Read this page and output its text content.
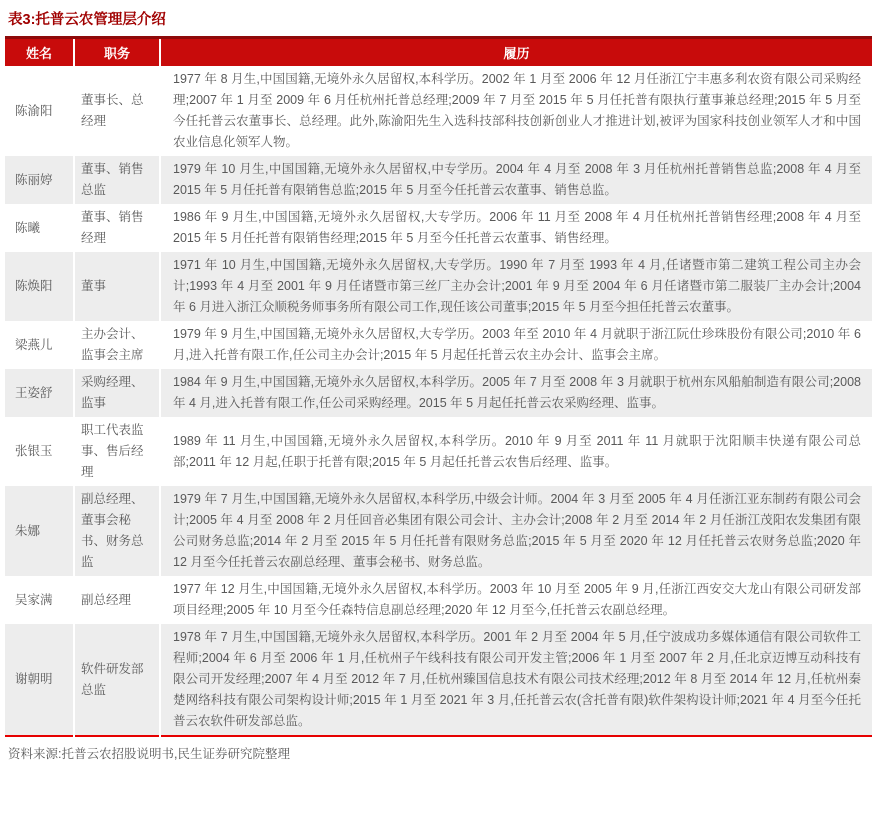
表3:托普云农管理层介绍
姓名	职务	履历
陈渝阳	董事长、总经理	1977 年 8 月生,中国国籍,无境外永久居留权,本科学历。2002 年 1 月至 2006 年 12 月任浙江宁丰惠多利农资有限公司采购经理;2007 年 1 月至 2009 年 6 月任杭州托普总经理;2009 年 7 月至 2015 年 5 月任托普有限执行董事兼总经理;2015 年 5 月至今任托普云农董事长、总经理。此外,陈渝阳先生入选科技部科技创新创业人才推进计划,被评为国家科技创业领军人才和中国农业信息化领军人物。
陈丽婷	董事、销售总监	1979 年 10 月生,中国国籍,无境外永久居留权,中专学历。2004 年 4 月至 2008 年 3 月任杭州托普销售总监;2008 年 4 月至 2015 年 5 月任托普有限销售总监;2015 年 5 月至今任托普云农董事、销售总监。
陈曦	董事、销售经理	1986 年 9 月生,中国国籍,无境外永久居留权,大专学历。2006 年 11 月至 2008 年 4 月任杭州托普销售经理;2008 年 4 月至 2015 年 5 月任托普有限销售经理;2015 年 5 月至今任托普云农董事、销售经理。
陈焕阳	董事	1971 年 10 月生,中国国籍,无境外永久居留权,大专学历。1990 年 7 月至 1993 年 4 月,任诸暨市第二建筑工程公司主办会计;1993 年 4 月至 2001 年 9 月任诸暨市第三丝厂主办会计;2001 年 9 月至 2004 年 6 月任诸暨市第二服装厂主办会计;2004 年 6 月进入浙江众顺税务师事务所有限公司工作,现任该公司董事;2015 年 5 月至今担任托普云农董事。
梁燕儿	主办会计、监事会主席	1979 年 9 月生,中国国籍,无境外永久居留权,大专学历。2003 年至 2010 年 4 月就职于浙江阮仕珍珠股份有限公司;2010 年 6 月,进入托普有限工作,任公司主办会计;2015 年 5 月起任托普云农主办会计、监事会主席。
王姿舒	采购经理、监事	1984 年 9 月生,中国国籍,无境外永久居留权,本科学历。2005 年 7 月至 2008 年 3 月就职于杭州东风船舶制造有限公司;2008 年 4 月,进入托普有限工作,任公司采购经理。2015 年 5 月起任托普云农采购经理、监事。
张银玉	职工代表监事、售后经理	1989 年 11 月生,中国国籍,无境外永久居留权,本科学历。2010 年 9 月至 2011 年 11 月就职于沈阳顺丰快递有限公司总部;2011 年 12 月起,任职于托普有限;2015 年 5 月起任托普云农售后经理、监事。
朱娜	副总经理、董事会秘书、财务总监	1979 年 7 月生,中国国籍,无境外永久居留权,本科学历,中级会计师。2004 年 3 月至 2005 年 4 月任浙江亚东制药有限公司会计;2005 年 4 月至 2008 年 2 月任回音必集团有限公司会计、主办会计;2008 年 2 月至 2014 年 2 月任浙江茂阳农发集团有限公司财务总监;2014 年 2 月至 2015 年 5 月任托普有限财务总监;2015 年 5 月至 2020 年 12 月任托普云农财务总监;2020 年 12 月至今任托普云农副总经理、董事会秘书、财务总监。
吴家满	副总经理	1977 年 12 月生,中国国籍,无境外永久居留权,本科学历。2003 年 10 月至 2005 年 9 月,任浙江西安交大龙山有限公司研发部项目经理;2005 年 10 月至今任森特信息副总经理;2020 年 12 月至今,任托普云农副总经理。
谢朝明	软件研发部总监	1978 年 7 月生,中国国籍,无境外永久居留权,本科学历。2001 年 2 月至 2004 年 5 月,任宁波成功多媒体通信有限公司软件工程师;2004 年 6 月至 2006 年 1 月,任杭州子午线科技有限公司开发主管;2006 年 1 月至 2007 年 2 月,任北京迈博互动科技有限公司开发经理;2007 年 4 月至 2012 年 7 月,任杭州臻国信息技术有限公司技术经理;2012 年 8 月至 2014 年 12 月,任杭州秦楚网络科技有限公司架构设计师;2015 年 1 月至 2021 年 3 月,任托普云农(含托普有限)软件架构设计师;2021 年 4 月至今任托普云农软件研发部总监。
资料来源:托普云农招股说明书,民生证券研究院整理
